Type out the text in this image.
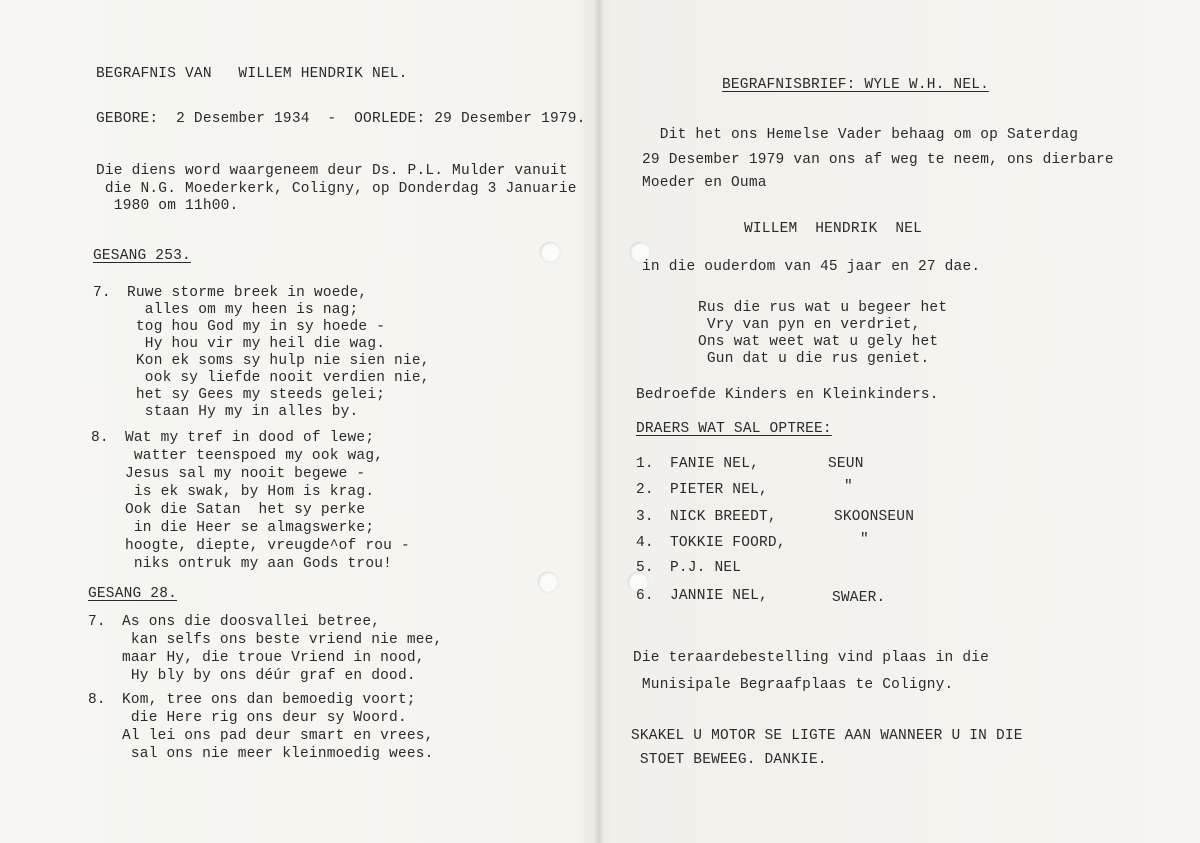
BEGRAFNIS VAN   WILLEM HENDRIK NEL.
GEBORE:  2 Desember 1934  -  OORLEDE: 29 Desember 1979.
Die diens word waargeneem deur Ds. P.L. Mulder vanuit
die N.G. Moederkerk, Coligny, op Donderdag 3 Januarie
1980 om 11h00.
GESANG 253.
7. Ruwe storme breek in woede,
alles om my heen is nag;
tog hou God my in sy hoede -
Hy hou vir my heil die wag.
Kon ek soms sy hulp nie sien nie,
ook sy liefde nooit verdien nie,
het sy Gees my steeds gelei;
staan Hy my in alles by.
8. Wat my tref in dood of lewe;
watter teenspoed my ook wag,
Jesus sal my nooit begewe -
is ek swak, by Hom is krag.
Ook die Satan  het sy perke
in die Heer se almagswerke;
hoogte, diepte, vreugde^of rou -
niks ontruk my aan Gods trou!
GESANG 28.
7. As ons die doosvallei betree,
kan selfs ons beste vriend nie mee,
maar Hy, die troue Vriend in nood,
Hy bly by ons déúr graf en dood.
8. Kom, tree ons dan bemoedig voort;
die Here rig ons deur sy Woord.
Al lei ons pad deur smart en vrees,
sal ons nie meer kleinmoedig wees.
BEGRAFNISBRIEF: WYLE W.H. NEL.
Dit het ons Hemelse Vader behaag om op Saterdag
29 Desember 1979 van ons af weg te neem, ons dierbare
Moeder en Ouma
WILLEM  HENDRIK  NEL
in die ouderdom van 45 jaar en 27 dae.
Rus die rus wat u begeer het
Vry van pyn en verdriet,
Ons wat weet wat u gely het
Gun dat u die rus geniet.
Bedroefde Kinders en Kleinkinders.
DRAERS WAT SAL OPTREE:
1. FANIE NEL,	SEUN
2. PIETER NEL,	"
3. NICK BREEDT,	SKOONSEUN
4. TOKKIE FOORD,	"
5. P.J. NEL
6. JANNIE NEL,	SWAER.
Die teraardebestelling vind plaas in die
Munisipale Begraafplaas te Coligny.
SKAKEL U MOTOR SE LIGTE AAN WANNEER U IN DIE
STOET BEWEEG. DANKIE.
